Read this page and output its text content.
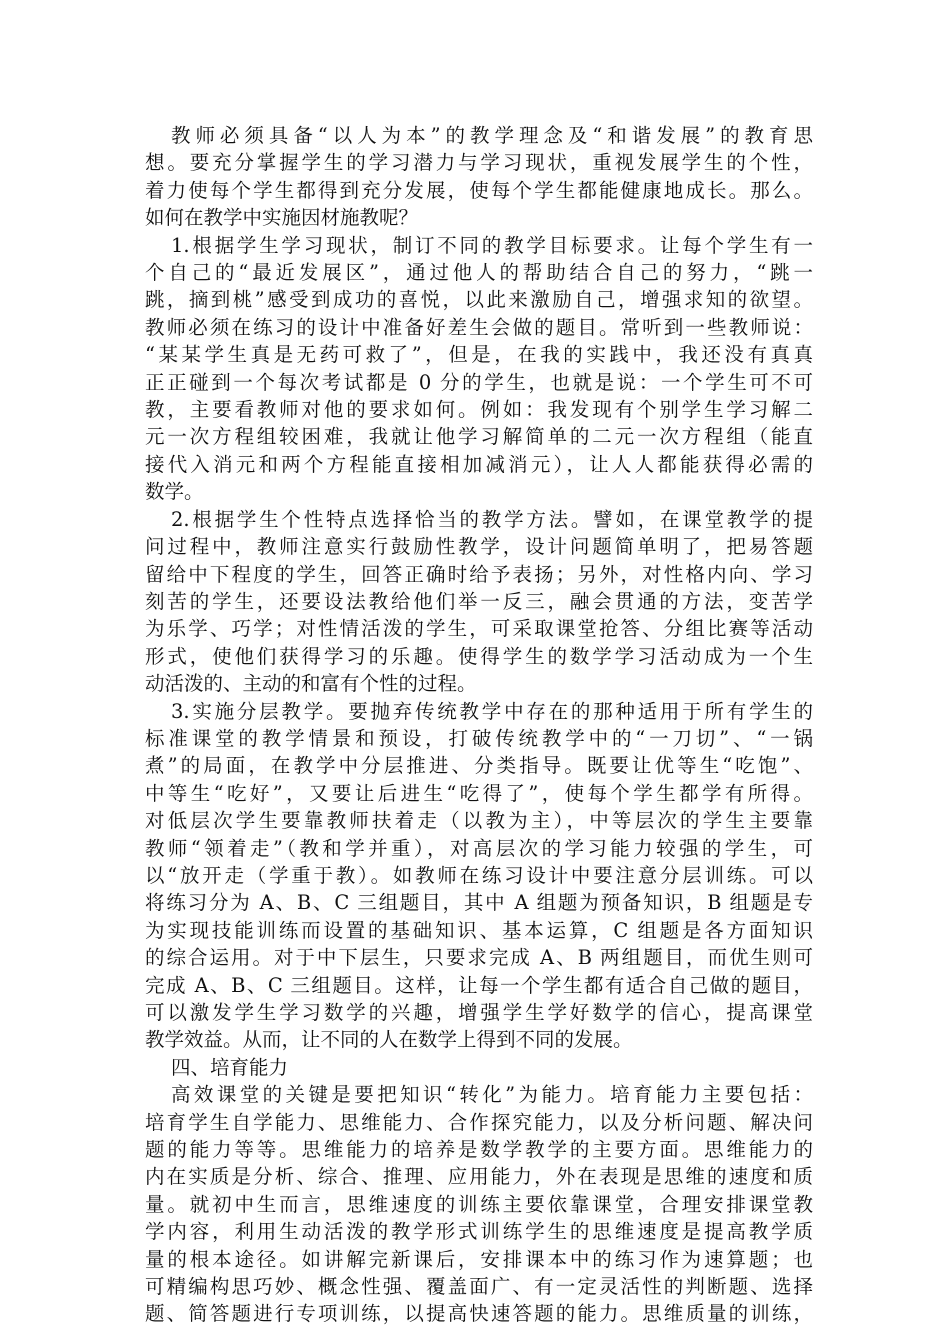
教师必须具备“以人为本”的教学理念及“和谐发展”的教育思
想。要充分掌握学生的学习潜力与学习现状，重视发展学生的个性，
着力使每个学生都得到充分发展，使每个学生都能健康地成长。那么。
如何在教学中实施因材施教呢？
1.根据学生学习现状，制订不同的教学目标要求。让每个学生有一
个自己的“最近发展区”，通过他人的帮助结合自己的努力，“跳一
跳，摘到桃”感受到成功的喜悦，以此来激励自己，增强求知的欲望。
教师必须在练习的设计中准备好差生会做的题目。常听到一些教师说：
“某某学生真是无药可救了”，但是，在我的实践中，我还没有真真
正正碰到一个每次考试都是 0 分的学生，也就是说：一个学生可不可
教，主要看教师对他的要求如何。例如：我发现有个别学生学习解二
元一次方程组较困难，我就让他学习解简单的二元一次方程组（能直
接代入消元和两个方程能直接相加减消元），让人人都能获得必需的
数学。
2.根据学生个性特点选择恰当的教学方法。譬如，在课堂教学的提
问过程中，教师注意实行鼓励性教学，设计问题简单明了，把易答题
留给中下程度的学生，回答正确时给予表扬；另外，对性格内向、学习
刻苦的学生，还要设法教给他们举一反三，融会贯通的方法，变苦学
为乐学、巧学；对性情活泼的学生，可采取课堂抢答、分组比赛等活动
形式，使他们获得学习的乐趣。使得学生的数学学习活动成为一个生
动活泼的、主动的和富有个性的过程。
3.实施分层教学。要抛弃传统教学中存在的那种适用于所有学生的
标准课堂的教学情景和预设，打破传统教学中的“一刀切”、“一锅
煮”的局面，在教学中分层推进、分类指导。既要让优等生“吃饱”、
中等生“吃好”，又要让后进生“吃得了”，使每个学生都学有所得。
对低层次学生要靠教师扶着走（以教为主），中等层次的学生主要靠
教师“领着走”（教和学并重），对高层次的学习能力较强的学生，可
以“放开走（学重于教）。如教师在练习设计中要注意分层训练。可以
将练习分为 A、B、C 三组题目，其中 A 组题为预备知识，B 组题是专
为实现技能训练而设置的基础知识、基本运算，C 组题是各方面知识
的综合运用。对于中下层生，只要求完成 A、B 两组题目，而优生则可
完成 A、B、C 三组题目。这样，让每一个学生都有适合自己做的题目，
可以激发学生学习数学的兴趣，增强学生学好数学的信心，提高课堂
教学效益。从而，让不同的人在数学上得到不同的发展。
四、培育能力
高效课堂的关键是要把知识“转化”为能力。培育能力主要包括：
培育学生自学能力、思维能力、合作探究能力，以及分析问题、解决问
题的能力等等。思维能力的培养是数学教学的主要方面。思维能力的
内在实质是分析、综合、推理、应用能力，外在表现是思维的速度和质
量。就初中生而言，思维速度的训练主要依靠课堂，合理安排课堂教
学内容，利用生动活泼的教学形式训练学生的思维速度是提高教学质
量的根本途径。如讲解完新课后，安排课本中的练习作为速算题；也
可精编构思巧妙、概念性强、覆盖面广、有一定灵活性的判断题、选择
题、简答题进行专项训练，以提高快速答题的能力。思维质量的训练，
